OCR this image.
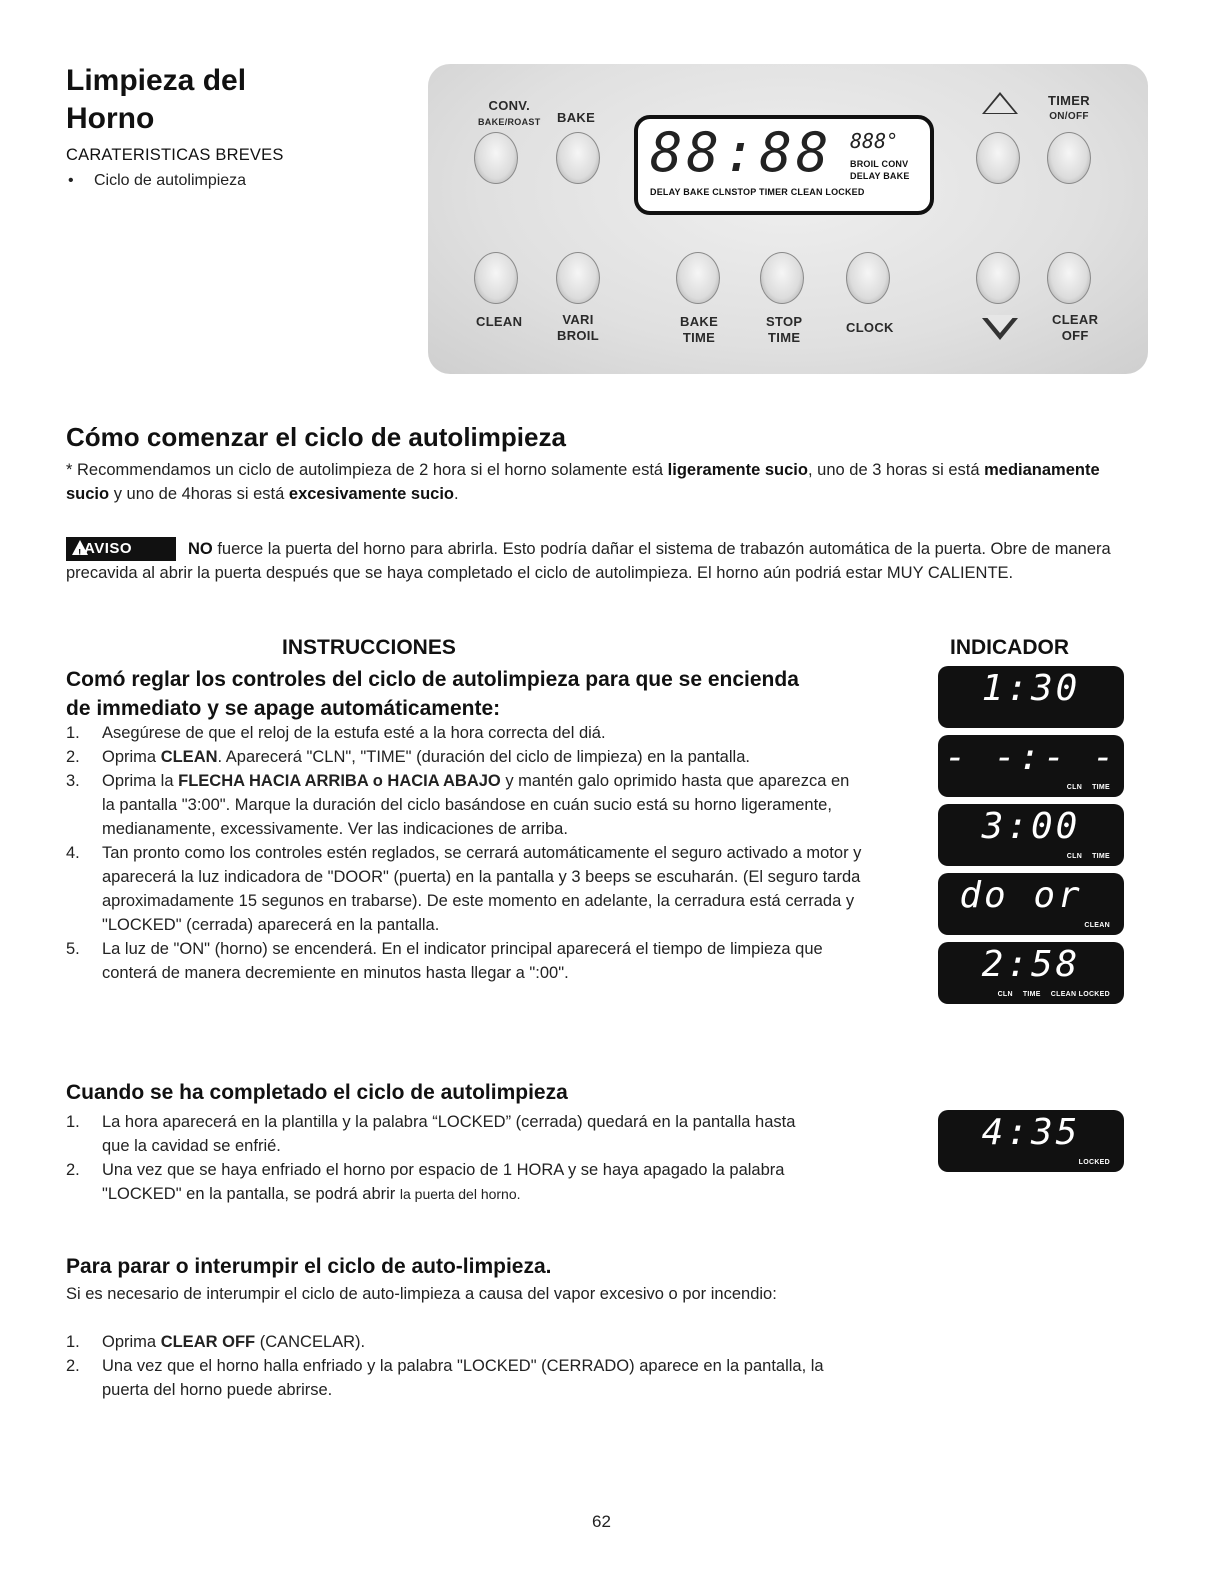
Limpieza del
Horno
CARATERISTICAS BREVES
• Ciclo de autolimpieza
CONV.
BAKE/ROAST BAKE
88:88 888°
BROIL CONV
DELAY BAKE
DELAY BAKE CLNSTOP TIMER CLEAN LOCKED
TIMER
ON/OFF
CLEAN	VARI
BROIL
BAKE
TIME
STOP
TIME
CLOCK
CLEAR
OFF
Cómo comenzar el ciclo de autolimpieza
* Recommendamos un ciclo de autolimpieza de 2 hora si el horno solamente está ligeramente sucio, uno de 3 horas si está medianamente sucio y uno de 4horas si está excesivamente sucio.
!
AVISO	NO fuerce la puerta del horno para abrirla. Esto podría dañar el sistema de trabazón automática de la puerta. Obre de manera precavida al abrir la puerta después que se haya completado el ciclo de autolimpieza. El horno aún podriá estar MUY CALIENTE.
INSTRUCCIONES
Comó reglar los controles del ciclo de autolimpieza para que se encienda de immediato y se apage automáticamente:
1. Asegúrese de que el reloj de la estufa esté a la hora correcta del diá.
2. Oprima CLEAN. Aparecerá "CLN", "TIME" (duración del ciclo de limpieza) en la pantalla.
3. Oprima la FLECHA HACIA ARRIBA o HACIA ABAJO y mantén galo oprimido hasta que aparezca en la pantalla "3:00". Marque la duración del ciclo basándose en cuán sucio está su horno ligeramente, medianamente, excessivamente. Ver las indicaciones de arriba.
4. Tan pronto como los controles estén reglados, se cerrará automáticamente el seguro activado a motor y aparecerá la luz indicadora de "DOOR" (puerta) en la pantalla y 3 beeps se escuharán. (El seguro tarda aproximadamente 15 segunos en trabarse). De este momento en adelante, la cerradura está cerrada y "LOCKED" (cerrada) aparecerá en la pantalla.
5. La luz de "ON" (horno) se encenderá. En el indicator principal aparecerá el tiempo de limpieza que conterá de manera decremiente en minutos hasta llegar a ":00".
INDICADOR
1:30
- -:- -
CLN TIME
3:00
CLN TIME
do or
CLEAN
2:58
CLN TIME CLEAN LOCKED
Cuando se ha completado el ciclo de autolimpieza
1. La hora aparecerá en la plantilla y la palabra “LOCKED” (cerrada) quedará en la pantalla hasta que la cavidad se enfrié.
2. Una vez que se haya enfriado el horno por espacio de 1 HORA y se haya apagado la palabra "LOCKED" en la pantalla, se podrá abrir la puerta del horno.
4:35
LOCKED
Para parar o interumpir el ciclo de auto-limpieza.
Si es necesario de interumpir el ciclo de auto-limpieza a causa del vapor excesivo o por incendio:
1. Oprima CLEAR OFF (CANCELAR).
2. Una vez que el horno halla enfriado y la palabra "LOCKED" (CERRADO) aparece en la pantalla, la puerta del horno puede abrirse.
62
